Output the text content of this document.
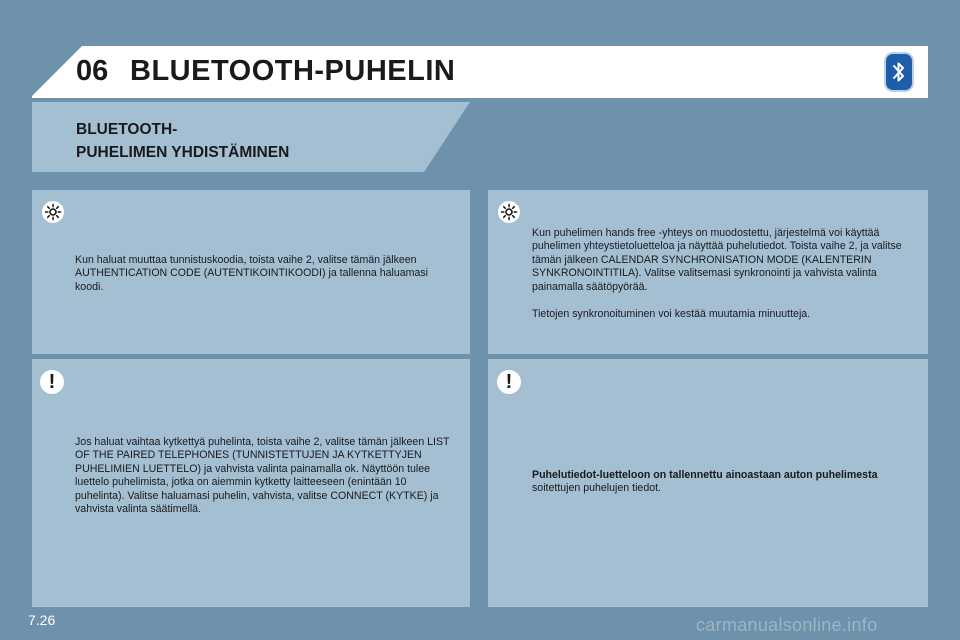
06 BLUETOOTH-PUHELIN
BLUETOOTH-
PUHELIMEN YHDISTÄMINEN

Kun haluat muuttaa tunnistuskoodia, toista vaihe 2, valitse tämän jälkeen AUTHENTICATION CODE (AUTENTIKOINTIKOODI) ja tallenna haluamasi koodi.

Kun puhelimen hands free -yhteys on muodostettu, järjestelmä voi käyttää puhelimen yhteystietoluetteloa ja näyttää puhelutiedot. Toista vaihe 2, ja valitse tämän jälkeen CALENDAR SYNCHRONISATION MODE (KALENTERIN SYNKRONOINTITILA). Valitse valitsemasi synkronointi ja vahvista valinta painamalla säätöpyörää.

Tietojen synkronoituminen voi kestää muutamia minuutteja.

!

Jos haluat vaihtaa kytkettyä puhelinta, toista vaihe 2, valitse tämän jälkeen LIST OF THE PAIRED TELEPHONES (TUNNISTETTUJEN JA KYTKETTYJEN PUHELIMIEN LUETTELO) ja vahvista valinta painamalla ok. Näyttöön tulee luettelo puhelimista, jotka on aiemmin kytketty laitteeseen (enintään 10 puhelinta). Valitse haluamasi puhelin, vahvista, valitse CONNECT (KYTKE) ja vahvista valinta säätimellä.

!

Puhelutiedot-luetteloon on tallennettu ainoastaan auton puhelimesta

soitettujen puhelujen tiedot.

7.26	carmanualsonline.info
